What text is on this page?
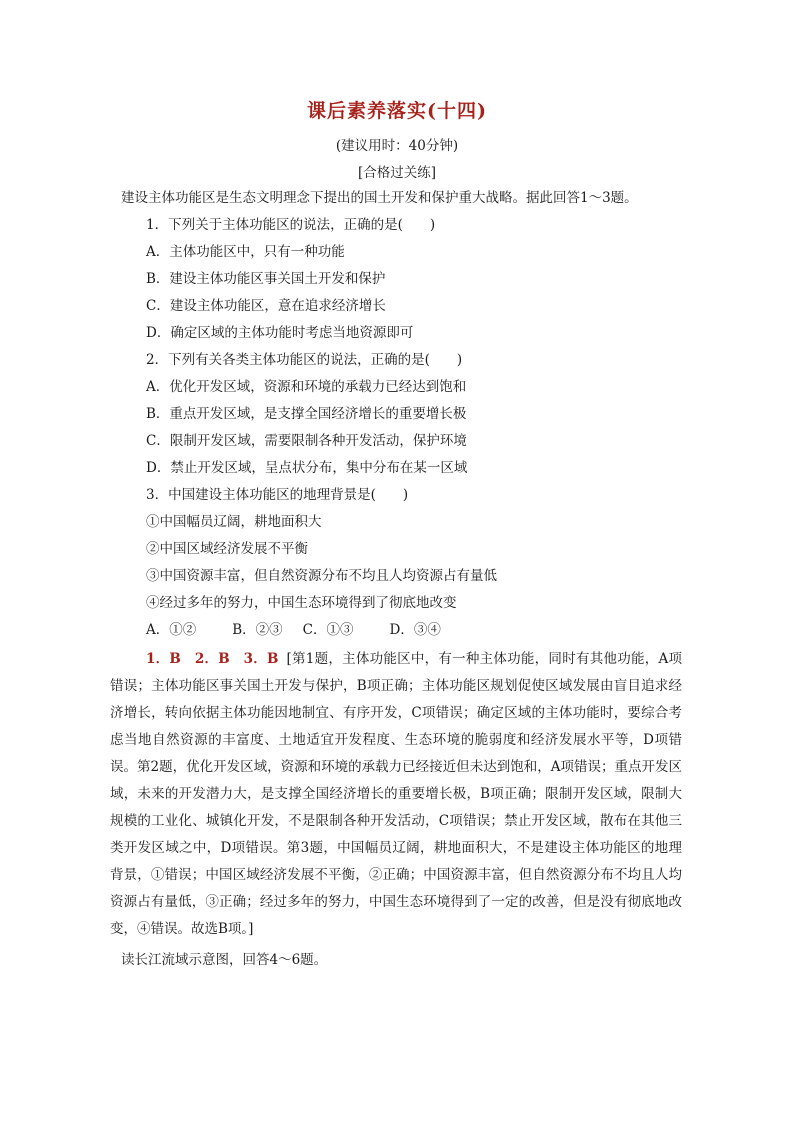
课后素养落实(十四)
(建议用时：40分钟)
[合格过关练]
建设主体功能区是生态文明理念下提出的国土开发和保护重大战略。据此回答1～3题。
1．下列关于主体功能区的说法，正确的是(　　)
A．主体功能区中，只有一种功能
B．建设主体功能区事关国土开发和保护
C．建设主体功能区，意在追求经济增长
D．确定区域的主体功能时考虑当地资源即可
2．下列有关各类主体功能区的说法，正确的是(　　)
A．优化开发区域，资源和环境的承载力已经达到饱和
B．重点开发区域，是支撑全国经济增长的重要增长极
C．限制开发区域，需要限制各种开发活动，保护环境
D．禁止开发区域，呈点状分布，集中分布在某一区域
3．中国建设主体功能区的地理背景是(　　)
①中国幅员辽阔，耕地面积大
②中国区域经济发展不平衡
③中国资源丰富，但自然资源分布不均且人均资源占有量低
④经过多年的努力，中国生态环境得到了彻底地改变
A．①②	B．②③ C．①③	D．③④
1．B　2．B　3．B [第1题，主体功能区中，有一种主体功能，同时有其他功能，A项错误；主体功能区事关国土开发与保护，B项正确；主体功能区规划促使区域发展由盲目追求经济增长，转向依据主体功能因地制宜、有序开发，C项错误；确定区域的主体功能时，要综合考虑当地自然资源的丰富度、土地适宜开发程度、生态环境的脆弱度和经济发展水平等，D项错误。第2题，优化开发区域，资源和环境的承载力已经接近但未达到饱和，A项错误；重点开发区域，未来的开发潜力大，是支撑全国经济增长的重要增长极，B项正确；限制开发区域，限制大规模的工业化、城镇化开发，不是限制各种开发活动，C项错误；禁止开发区域，散布在其他三类开发区域之中，D项错误。第3题，中国幅员辽阔，耕地面积大，不是建设主体功能区的地理背景，①错误；中国区域经济发展不平衡，②正确；中国资源丰富，但自然资源分布不均且人均资源占有量低，③正确；经过多年的努力，中国生态环境得到了一定的改善，但是没有彻底地改变，④错误。故选B项。]
读长江流域示意图，回答4～6题。
